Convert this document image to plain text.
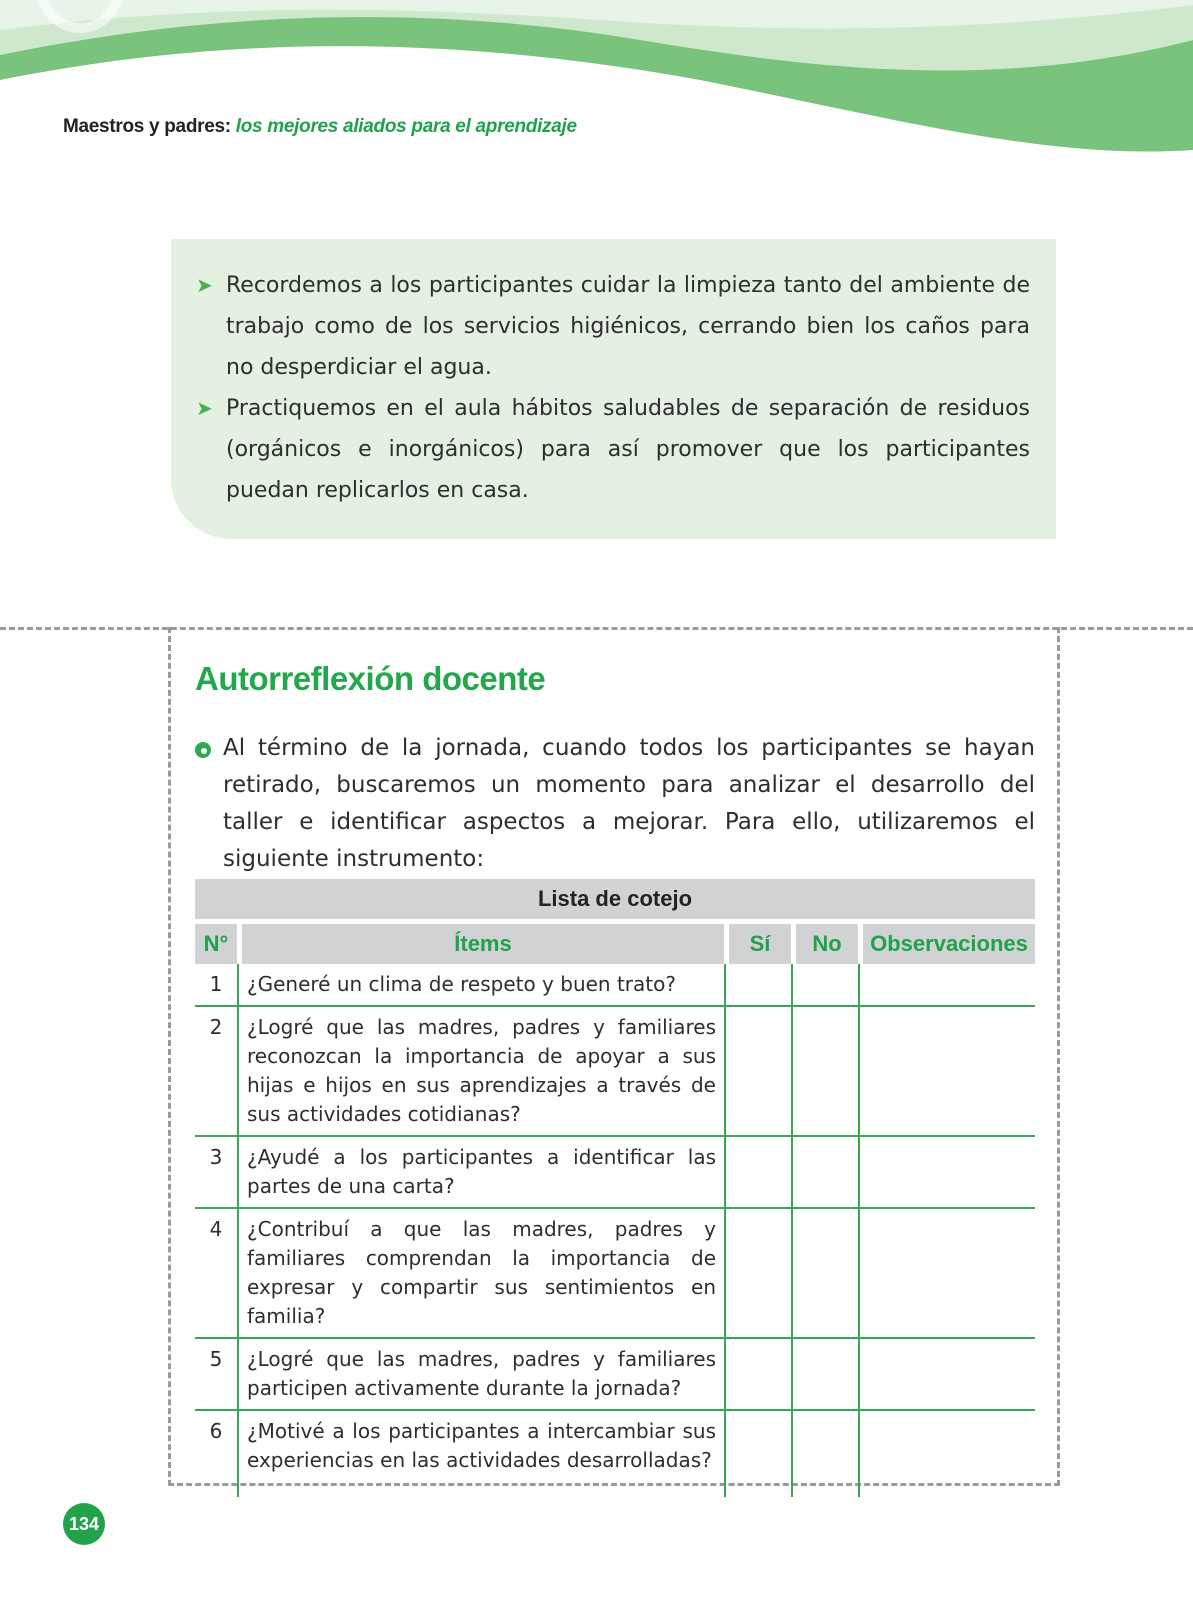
Maestros y padres: los mejores aliados para el aprendizaje
➤ Recordemos a los participantes cuidar la limpieza tanto del ambiente de trabajo como de los servicios higiénicos, cerrando bien los caños para no desperdiciar el agua.
➤ Practiquemos en el aula hábitos saludables de separación de residuos (orgánicos e inorgánicos) para así promover que los participantes puedan replicarlos en casa.
Autorreflexión docente

Al término de la jornada, cuando todos los participantes se hayan retirado, buscaremos un momento para analizar el desarrollo del taller e identificar aspectos a mejorar. Para ello, utilizaremos el siguiente instrumento:

Lista de cotejo
N°	Ítems	Sí	No	Observaciones
1	¿Generé un clima de respeto y buen trato?			
2	¿Logré que las madres, padres y familiares reconozcan la importancia de apoyar a sus hijas e hijos en sus aprendizajes a través de sus actividades cotidianas?			
3	¿Ayudé a los participantes a identificar las partes de una carta?			
4	¿Contribuí a que las madres, padres y familiares comprendan la importancia de expresar y compartir sus sentimientos en familia?			
5	¿Logré que las madres, padres y familiares participen activamente durante la jornada?			
6	¿Motivé a los participantes a intercambiar sus experiencias en las actividades desarrolladas?			
134
